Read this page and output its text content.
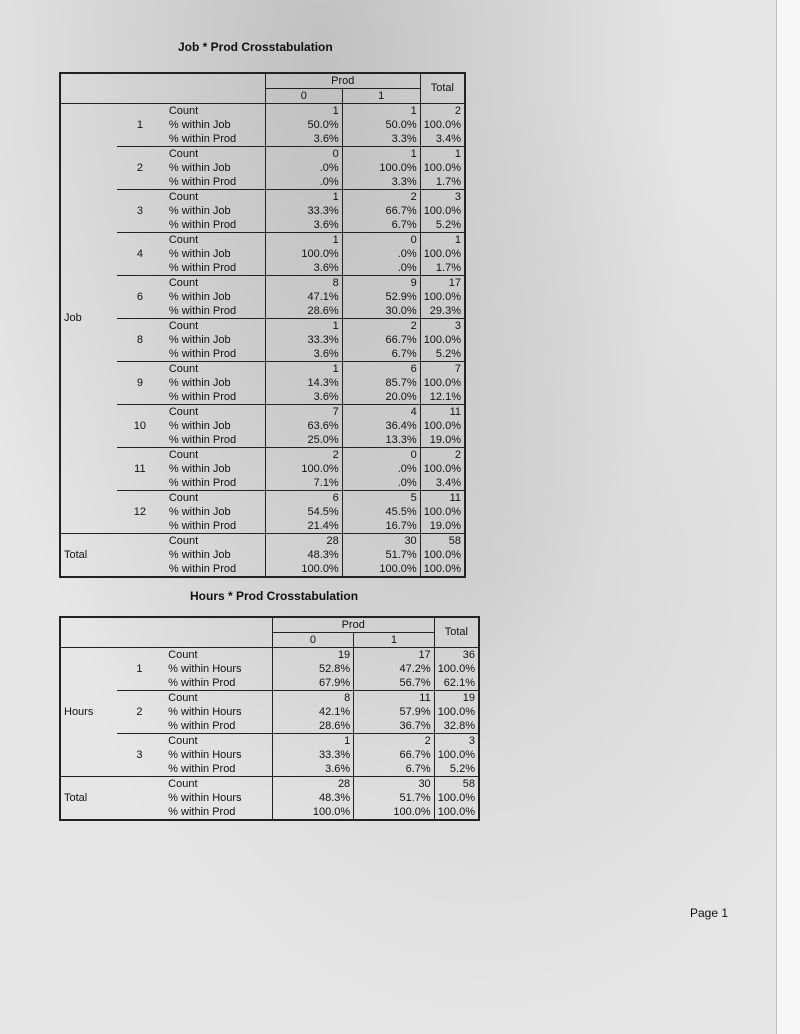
Job * Prod Crosstabulation
			Prod		Total
			0	1	
Job	1	Count	1	1	2
		% within Job	50.0%	50.0%	100.0%
		% within Prod	3.6%	3.3%	3.4%
	2	Count	0	1	1
		% within Job	.0%	100.0%	100.0%
		% within Prod	.0%	3.3%	1.7%
	3	Count	1	2	3
		% within Job	33.3%	66.7%	100.0%
		% within Prod	3.6%	6.7%	5.2%
	4	Count	1	0	1
		% within Job	100.0%	.0%	100.0%
		% within Prod	3.6%	.0%	1.7%
	6	Count	8	9	17
		% within Job	47.1%	52.9%	100.0%
		% within Prod	28.6%	30.0%	29.3%
	8	Count	1	2	3
		% within Job	33.3%	66.7%	100.0%
		% within Prod	3.6%	6.7%	5.2%
	9	Count	1	6	7
		% within Job	14.3%	85.7%	100.0%
		% within Prod	3.6%	20.0%	12.1%
	10	Count	7	4	11
		% within Job	63.6%	36.4%	100.0%
		% within Prod	25.0%	13.3%	19.0%
	11	Count	2	0	2
		% within Job	100.0%	.0%	100.0%
		% within Prod	7.1%	.0%	3.4%
	12	Count	6	5	11
		% within Job	54.5%	45.5%	100.0%
		% within Prod	21.4%	16.7%	19.0%
Total		Count	28	30	58
		% within Job	48.3%	51.7%	100.0%
		% within Prod	100.0%	100.0%	100.0%
Hours * Prod Crosstabulation
			Prod		Total
			0	1	
Hours	1	Count	19	17	36
		% within Hours	52.8%	47.2%	100.0%
		% within Prod	67.9%	56.7%	62.1%
	2	Count	8	11	19
		% within Hours	42.1%	57.9%	100.0%
		% within Prod	28.6%	36.7%	32.8%
	3	Count	1	2	3
		% within Hours	33.3%	66.7%	100.0%
		% within Prod	3.6%	6.7%	5.2%
Total		Count	28	30	58
		% within Hours	48.3%	51.7%	100.0%
		% within Prod	100.0%	100.0%	100.0%
Page 1
